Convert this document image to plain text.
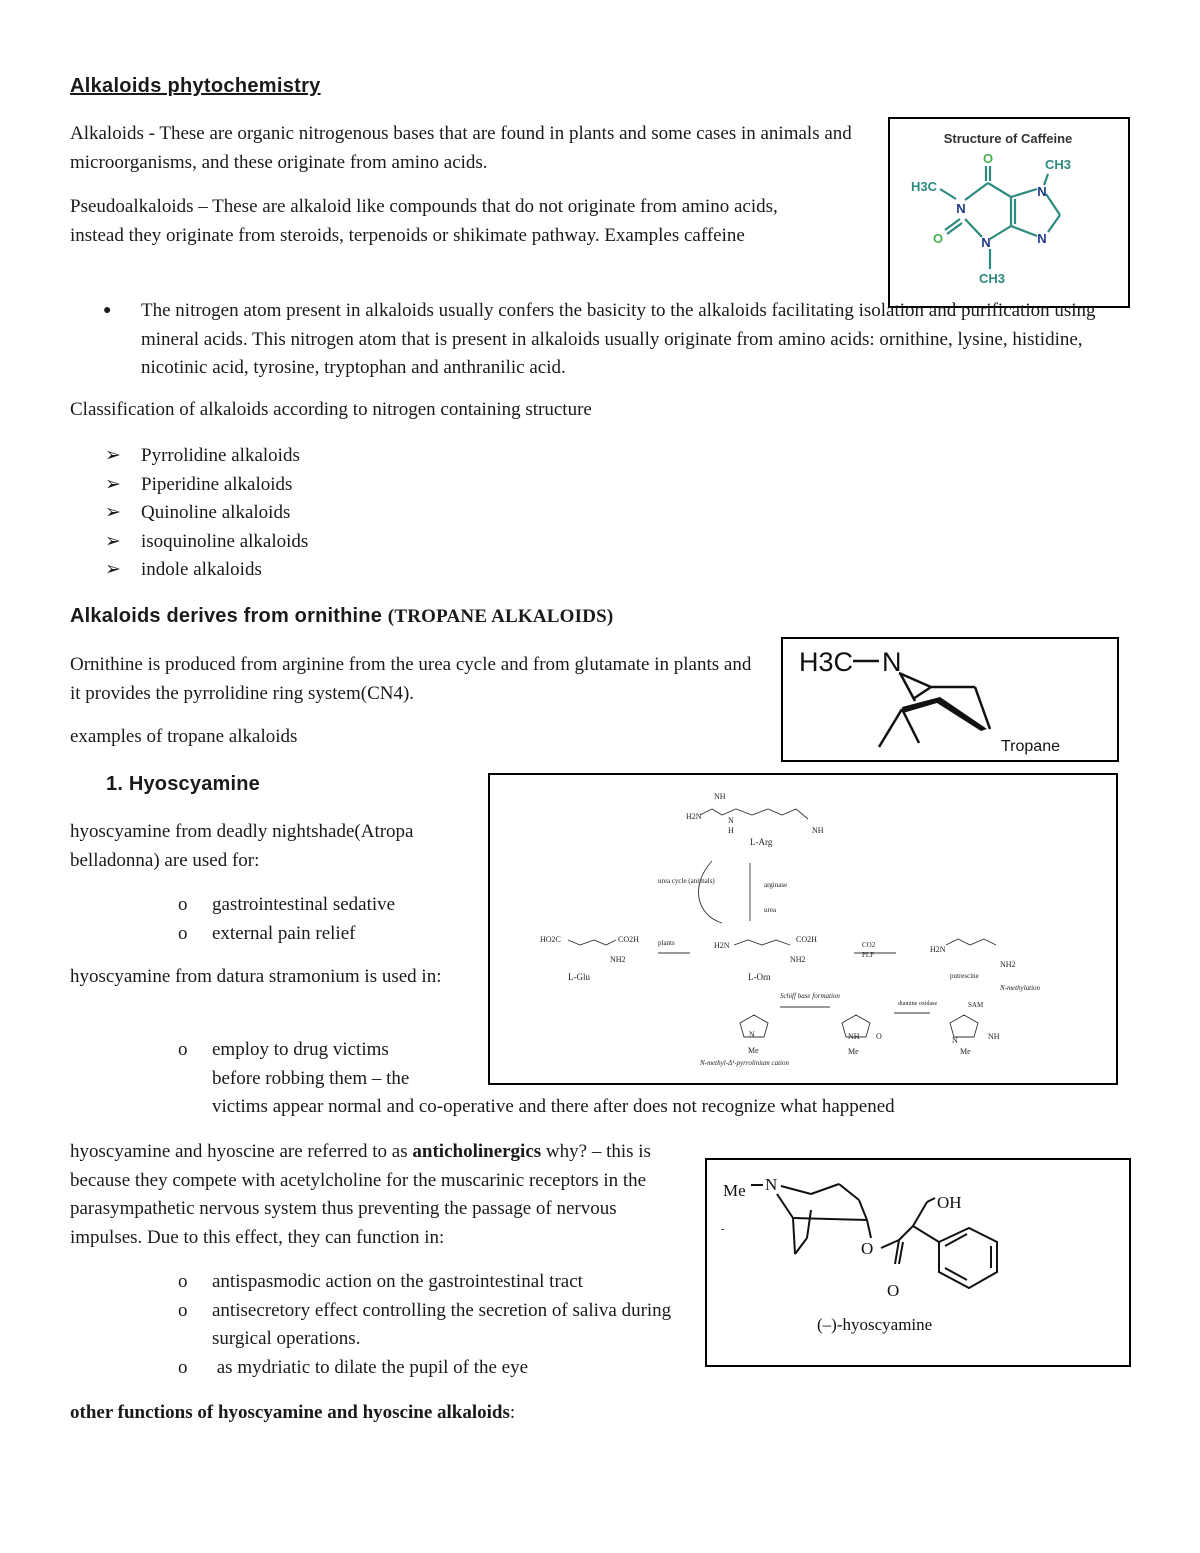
Alkaloids phytochemistry

Alkaloids - These are organic nitrogenous bases that are found in plants and some cases in animals and microorganisms, and these originate from amino acids.

Pseudoalkaloids – These are alkaloid like compounds that do not originate from amino acids, instead they originate from steroids, terpenoids or shikimate pathway. Examples caffeine

Structure of Caffeine
O	CH3
H3C
N
N
N
N
O
CH3
● The nitrogen atom present in alkaloids usually confers the basicity to the alkaloids facilitating isolation and purification using mineral acids. This nitrogen atom that is present in alkaloids usually originate from amino acids: ornithine, lysine, histidine, nicotinic acid, tyrosine, tryptophan and anthranilic acid.

Classification of alkaloids according to nitrogen containing structure

➢ Pyrrolidine alkaloids
➢ Piperidine alkaloids
➢ Quinoline alkaloids
➢ isoquinoline alkaloids
➢ indole alkaloids
Alkaloids derives from ornithine (TROPANE ALKALOIDS)

Ornithine is produced from arginine from the urea cycle and from glutamate in plants and it provides the pyrrolidine ring system(CN4).

examples of tropane alkaloids

H3C N
Tropane
1. Hyoscyamine

hyoscyamine from deadly nightshade(Atropa belladonna) are used for:

o gastrointestinal sedative
o external pain relief

hyoscyamine from datura stramonium is used in:

NH
H2N	N
H	NH
L-Arg
urea cycle (animals)	arginase
urea
HO2C	CO2H
NH2
plants	H2N
CO2H
NH2
L-Glu	L-Orn
CO2
PLP
H2N
NH2
putrescine
SAM
N-methylation
Schiff base formation
diamine oxidase
N
Me
NH
Me
N	NH
Me
N-methyl-Δ¹-pyrrolinium cation
O
o employ to drug victims before robbing them – the
victims appear normal and co-operative and there after does not recognize what happened

hyoscyamine and hyoscine are referred to as anticholinergics why? – this is because they compete with acetylcholine for the muscarinic receptors in the parasympathetic nervous system thus preventing the passage of nervous impulses. Due to this effect, they can function in:

Me N
O
O
OH
(–)-hyoscyamine
-
o antispasmodic action on the gastrointestinal tract
o antisecretory effect controlling the secretion of saliva during surgical operations.
o as mydriatic to dilate the pupil of the eye

other functions of hyoscyamine and hyoscine alkaloids:
